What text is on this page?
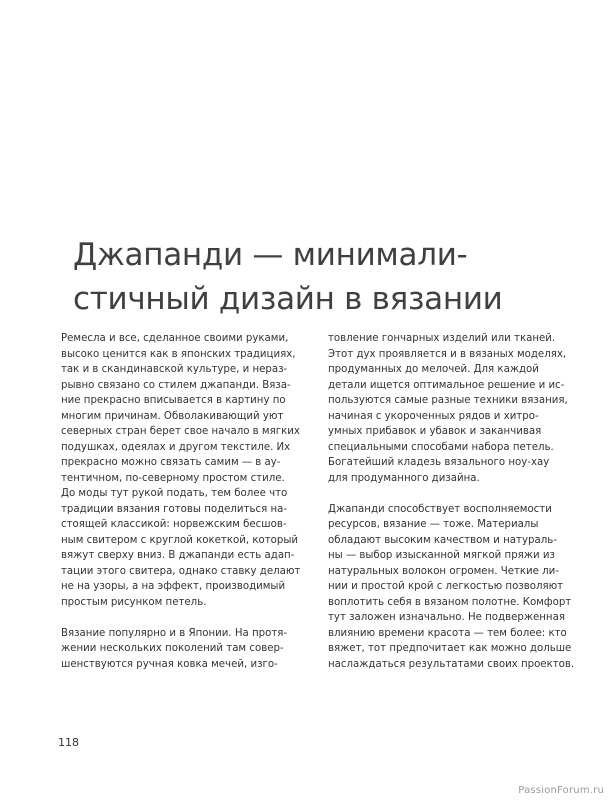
Джапанди — минимали-
стичный дизайн в вязании

Ремесла и все, сделанное своими руками,
высоко ценится как в японских традициях,
так и в скандинавской культуре, и нераз-
рывно связано со стилем джапанди. Вяза-
ние прекрасно вписывается в картину по
многим причинам. Обволакивающий уют
северных стран берет свое начало в мягких
подушках, одеялах и другом текстиле. Их
прекрасно можно связать самим — в ау-
тентичном, по-северному простом стиле.
До моды тут рукой подать, тем более что
традиции вязания готовы поделиться на-
стоящей классикой: норвежским бесшов-
ным свитером с круглой кокеткой, который
вяжут сверху вниз. В джапанди есть адап-
тации этого свитера, однако ставку делают
не на узоры, а на эффект, производимый
простым рисунком петель.

Вязание популярно и в Японии. На протя-
жении нескольких поколений там совер-
шенствуются ручная ковка мечей, изго-

товление гончарных изделий или тканей.
Этот дух проявляется и в вязаных моделях,
продуманных до мелочей. Для каждой
детали ищется оптимальное решение и ис-
пользуются самые разные техники вязания,
начиная с укороченных рядов и хитро-
умных прибавок и убавок и заканчивая
специальными способами набора петель.
Богатейший кладезь вязального ноу-хау
для продуманного дизайна.

Джапанди способствует восполняемости
ресурсов, вязание — тоже. Материалы
обладают высоким качеством и натураль-
ны — выбор изысканной мягкой пряжи из
натуральных волокон огромен. Четкие ли-
нии и простой крой с легкостью позволяют
воплотить себя в вязаном полотне. Комфорт
тут заложен изначально. Не подверженная
влиянию времени красота — тем более: кто
вяжет, тот предпочитает как можно дольше
наслаждаться результатами своих проектов.

118
PassionForum.ru
